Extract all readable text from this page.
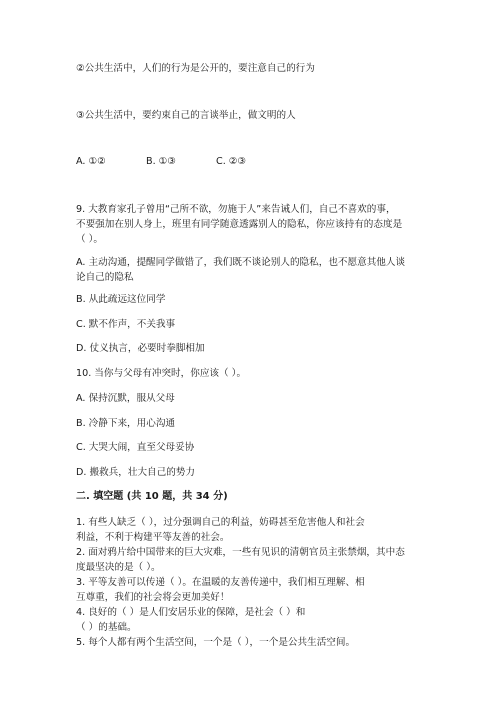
②公共生活中，人们的行为是公开的，要注意自己的行为
③公共生活中，要约束自己的言谈举止，做文明的人
A. ①②	B. ①③	C. ②③
9. 大教育家孔子曾用“己所不欲，勿施于人”来告诫人们，自己不喜欢的事，
不要强加在别人身上，班里有同学随意透露别人的隐私，你应该持有的态度是
（ ）。
A. 主动沟通，提醒同学做错了，我们既不谈论别人的隐私，也不愿意其他人谈
论自己的隐私
B. 从此疏远这位同学
C. 默不作声，不关我事
D. 仗义执言，必要时拳脚相加
10. 当你与父母有冲突时，你应该（ ）。
A. 保持沉默，服从父母
B. 冷静下来，用心沟通
C. 大哭大闹，直至父母妥协
D. 搬救兵，壮大自己的势力
二. 填空题 (共 10 题，共 34 分)
1. 有些人缺乏（ ），过分强调自己的利益，妨碍甚至危害他人和社会
利益，不利于构建平等友善的社会。
2. 面对鸦片给中国带来的巨大灾难，一些有见识的清朝官员主张禁烟，其中态
度最坚决的是（ ）。
3. 平等友善可以传递（ ）。在温暖的友善传递中，我们相互理解、相
互尊重，我们的社会将会更加美好！
4. 良好的（ ）是人们安居乐业的保障，是社会（ ）和
（ ）的基础。
5. 每个人都有两个生活空间，一个是（ ），一个是公共生活空间。
